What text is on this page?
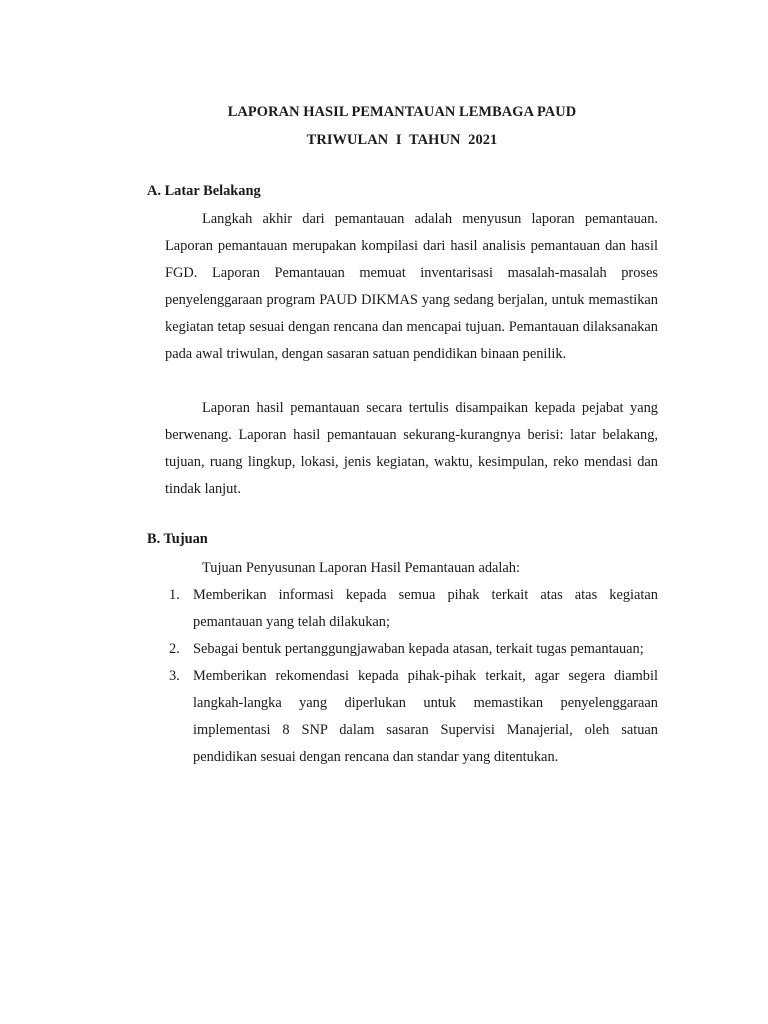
LAPORAN HASIL PEMANTAUAN LEMBAGA PAUD
TRIWULAN I TAHUN 2021
A. Latar Belakang

Langkah akhir dari pemantauan adalah menyusun laporan pemantauan. Laporan pemantauan merupakan kompilasi dari hasil analisis pemantauan dan hasil FGD. Laporan Pemantauan memuat inventarisasi masalah-masalah proses penyelenggaraan program PAUD DIKMAS yang sedang berjalan, untuk memastikan kegiatan tetap sesuai dengan rencana dan mencapai tujuan. Pemantauan dilaksanakan pada awal triwulan, dengan sasaran satuan pendidikan binaan penilik.

Laporan hasil pemantauan secara tertulis disampaikan kepada pejabat yang berwenang. Laporan hasil pemantauan sekurang-kurangnya berisi: latar belakang, tujuan, ruang lingkup, lokasi, jenis kegiatan, waktu, kesimpulan, reko mendasi dan tindak lanjut.

B. Tujuan

Tujuan Penyusunan Laporan Hasil Pemantauan adalah:

1. Memberikan informasi kepada semua pihak terkait atas atas kegiatan pemantauan yang telah dilakukan;
2. Sebagai bentuk pertanggungjawaban kepada atasan, terkait tugas pemantauan;
3. Memberikan rekomendasi kepada pihak-pihak terkait, agar segera diambil langkah-langka yang diperlukan untuk memastikan penyelenggaraan implementasi 8 SNP dalam sasaran Supervisi Manajerial, oleh satuan pendidikan sesuai dengan rencana dan standar yang ditentukan.
